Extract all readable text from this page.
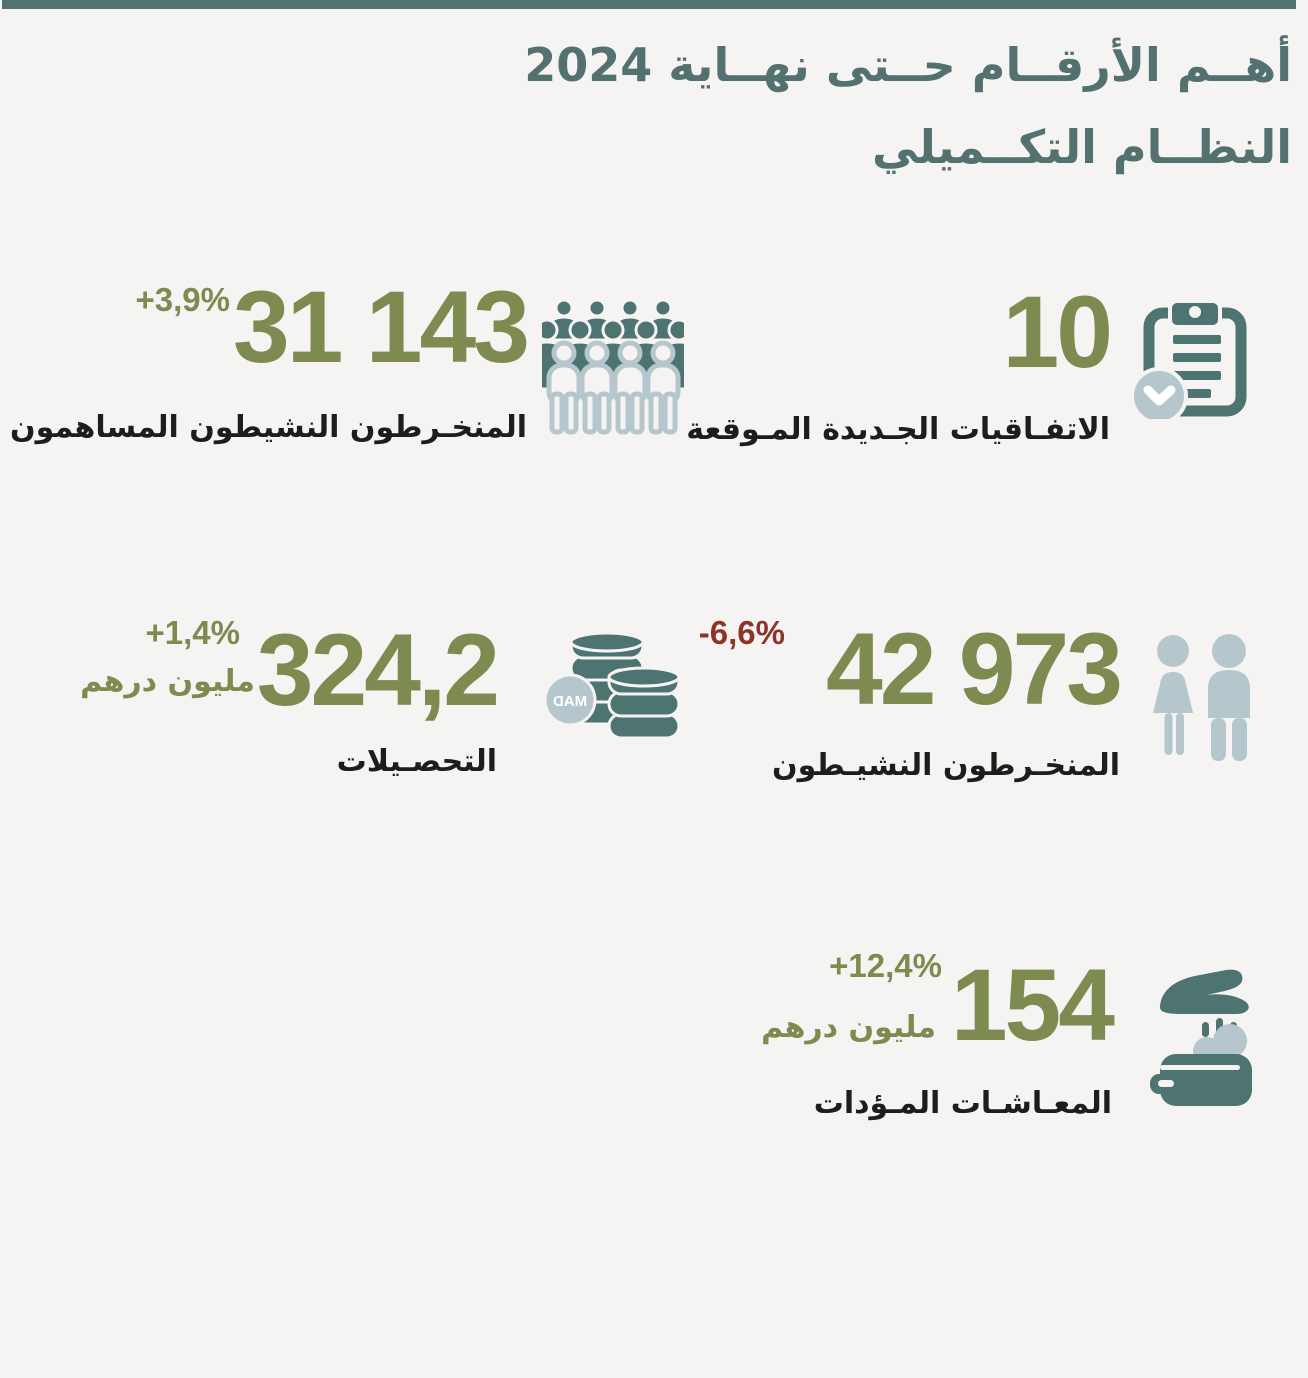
أهــم الأرقــام حــتى نهــاية 2024
النظــام التكــميلي
+3,9% 31 143
المنخـرطون النشيطون المساهمون
10
الاتفـاقيات الجـديدة المـوقعة
+1,4%
مليون درهم 324,2
التحصـيلات
MAD
-6,6% 42 973
المنخـرطون النشيـطون
+12,4%
مليون درهم 154
المعـاشـات المـؤدات
